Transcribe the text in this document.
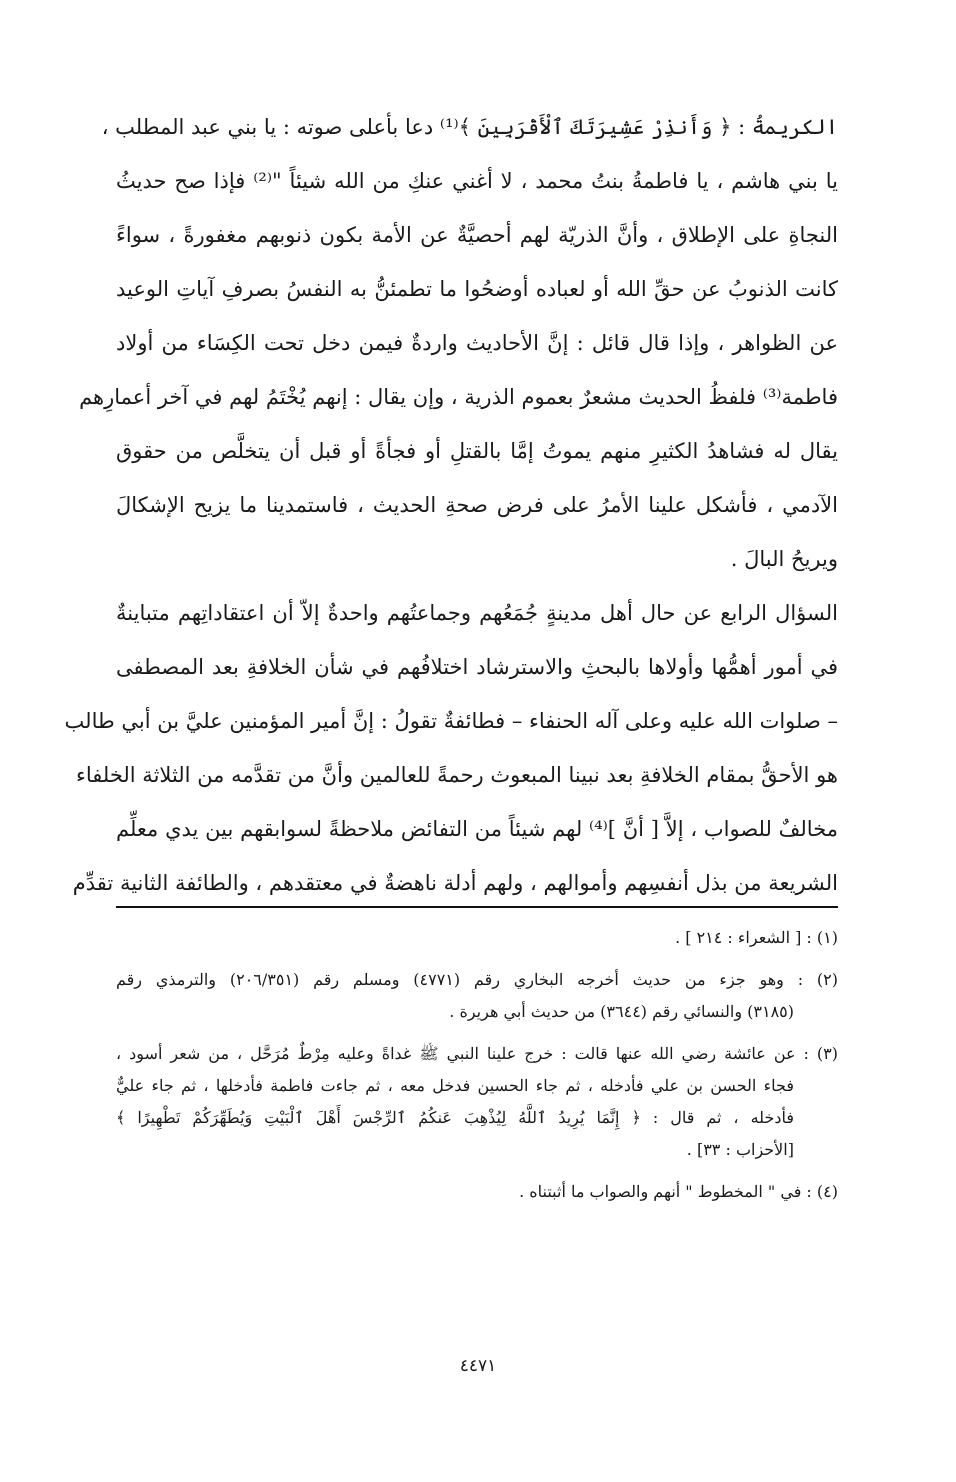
الكريمةُ : ﴿ وَأَنذِرْ عَشِيرَتَكَ ٱلْأَقْرَبِينَ ﴾⁽¹⁾ دعا بأعلى صوته : يا بني عبد المطلب ،
يا بني هاشم ، يا فاطمةُ بنتُ محمد ، لا أغني عنكِ من الله شيئاً "⁽²⁾ فإذا صح حديثُ
النجاةِ على الإطلاق ، وأنَّ الذريّة لهم أحصيَّةٌ عن الأمة بكون ذنوبهم مغفورةً ، سواءً
كانت الذنوبُ عن حقِّ الله أو لعباده أوضحُوا ما تطمئنُّ به النفسُ بصرفِ آياتِ الوعيد
عن الظواهر ، وإذا قال قائل : إنَّ الأحاديث واردةٌ فيمن دخل تحت الكِسَاء من أولاد
فاطمة⁽³⁾ فلفظُ الحديث مشعرٌ بعموم الذرية ، وإن يقال : إنهم يُخْتَمُ لهم في آخر أعمارِهم
يقال له فشاهدُ الكثيرِ منهم يموتُ إمَّا بالقتلِ أو فجأةً أو قبل أن يتخلَّص من حقوق
الآدمي ، فأشكل علينا الأمرُ على فرض صحةِ الحديث ، فاستمدينا ما يزيح الإشكالَ
ويريحُ البالَ .

السؤال الرابع عن حال أهل مدينةٍ جُمَعُهم وجماعتُهم واحدةٌ إلاّ أن اعتقاداتِهم متباينةٌ
في أمور أهمُّها وأولاها بالبحثِ والاسترشاد اختلافُهم في شأن الخلافةِ بعد المصطفى
– صلوات الله عليه وعلى آله الحنفاء – فطائفةٌ تقولُ : إنَّ أمير المؤمنين عليَّ بن أبي طالب
هو الأحقُّ بمقام الخلافةِ بعد نبينا المبعوث رحمةً للعالمين وأنَّ من تقدَّمه من الثلاثة الخلفاء
مخالفٌ للصواب ، إلاَّ [ أنَّ ]⁽⁴⁾ لهم شيئاً من التفائض ملاحظةً لسوابقهم بين يدي معلِّم
الشريعة من بذل أنفسِهم وأموالهم ، ولهم أدلة ناهضةٌ في معتقدهم ، والطائفة الثانية تقدِّم

(١) : [ الشعراء : ٢١٤ ] .
(٢) : وهو جزء من حديث أخرجه البخاري رقم (٤٧٧١) ومسلم رقم (٢٠٦/٣٥١) والترمذي رقم
(٣١٨٥) والنسائي رقم (٣٦٤٤) من حديث أبي هريرة .
(٣) : عن عائشة رضي الله عنها قالت : خرج علينا النبي ﷺ غداةً وعليه مِرْطٌ مُرَحَّل ، من شعر أسود ،
فجاء الحسن بن علي فأدخله ، ثم جاء الحسين فدخل معه ، ثم جاءت فاطمة فأدخلها ، ثم جاء عليٌّ
فأدخله ، ثم قال : ﴿ إِنَّمَا يُرِيدُ ٱللَّهُ لِيُذْهِبَ عَنكُمُ ٱلرِّجْسَ أَهْلَ ٱلْبَيْتِ وَيُطَهِّرَكُمْ تَطْهِيرًا ﴾
[الأحزاب : ٣٣] .
(٤) : في " المخطوط " أنهم والصواب ما أثبتناه .
٤٤٧١
